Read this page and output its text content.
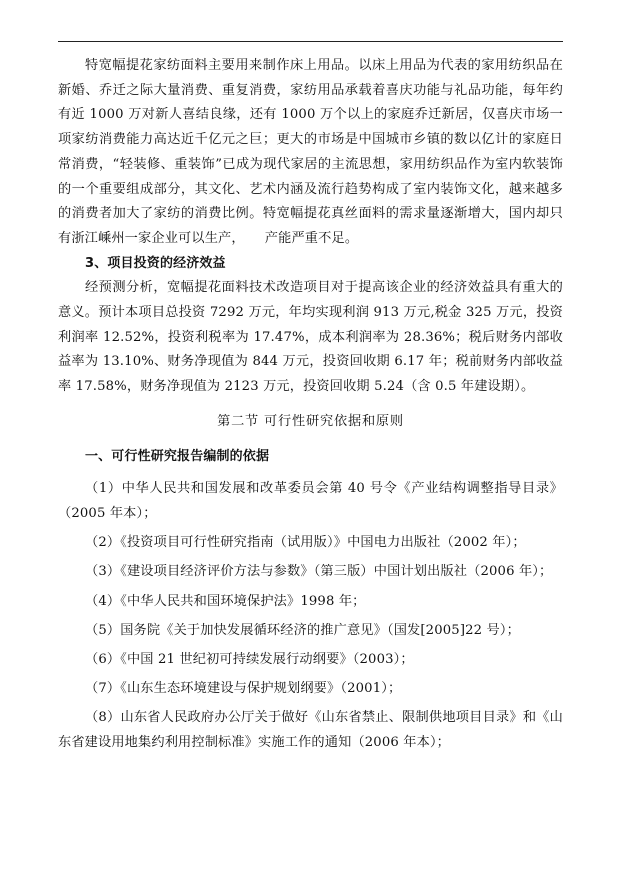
特宽幅提花家纺面料主要用来制作床上用品。以床上用品为代表的家用纺织品在新婚、乔迁之际大量消费、重复消费，家纺用品承载着喜庆功能与礼品功能，每年约有近 1000 万对新人喜结良缘，还有 1000 万个以上的家庭乔迁新居，仅喜庆市场一项家纺消费能力高达近千亿元之巨；更大的市场是中国城市乡镇的数以亿计的家庭日常消费，“轻装修、重装饰”已成为现代家居的主流思想，家用纺织品作为室内软装饰的一个重要组成部分，其文化、艺术内涵及流行趋势构成了室内装饰文化，越来越多的消费者加大了家纺的消费比例。特宽幅提花真丝面料的需求量逐渐增大，国内却只有浙江嵊州一家企业可以生产，　　产能严重不足。

3、项目投资的经济效益

经预测分析，宽幅提花面料技术改造项目对于提高该企业的经济效益具有重大的意义。预计本项目总投资 7292 万元，年均实现利润 913 万元,税金 325 万元，投资利润率 12.52%，投资利税率为 17.47%，成本利润率为 28.36%；税后财务内部收益率为 13.10%、财务净现值为 844 万元，投资回收期 6.17 年；税前财务内部收益率 17.58%，财务净现值为 2123 万元，投资回收期 5.24（含 0.5 年建设期）。

第二节 可行性研究依据和原则

一、可行性研究报告编制的依据

（1）中华人民共和国发展和改革委员会第 40 号令《产业结构调整指导目录》（2005 年本）；

（2）《投资项目可行性研究指南（试用版）》中国电力出版社（2002 年）；

（3）《建设项目经济评价方法与参数》（第三版）中国计划出版社（2006 年）；

（4）《中华人民共和国环境保护法》1998 年；

（5）国务院《关于加快发展循环经济的推广意见》（国发[2005]22 号）；

（6）《中国 21 世纪初可持续发展行动纲要》（2003）；

（7）《山东生态环境建设与保护规划纲要》（2001）；

（8）山东省人民政府办公厅关于做好《山东省禁止、限制供地项目目录》和《山东省建设用地集约利用控制标准》实施工作的通知（2006 年本）；
